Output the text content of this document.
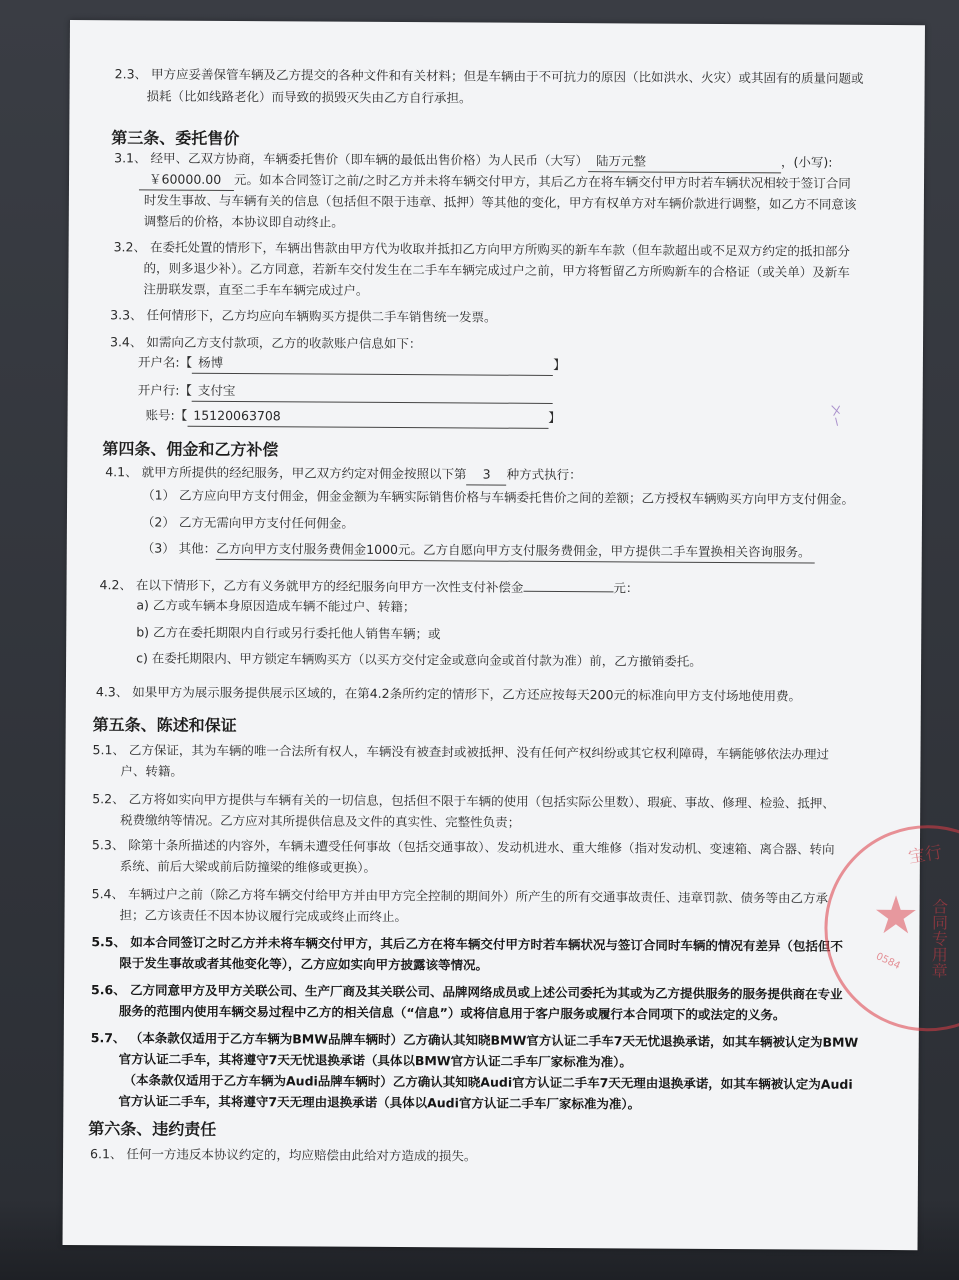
2.3、 甲方应妥善保管车辆及乙方提交的各种文件和有关材料；但是车辆由于不可抗力的原因（比如洪水、火灾）或其固有的质量问题或
损耗（比如线路老化）而导致的损毁灭失由乙方自行承担。
第三条、委托售价
3.1、 经甲、乙双方协商，车辆委托售价（即车辆的最低出售价格）为人民币（大写） 陆万元整	，(小写):
￥60000.00 元。如本合同签订之前/之时乙方并未将车辆交付甲方，其后乙方在将车辆交付甲方时若车辆状况相较于签订合同
时发生事故、与车辆有关的信息（包括但不限于违章、抵押）等其他的变化，甲方有权单方对车辆价款进行调整，如乙方不同意该
调整后的价格，本协议即自动终止。
3.2、 在委托处置的情形下，车辆出售款由甲方代为收取并抵扣乙方向甲方所购买的新车车款（但车款超出或不足双方约定的抵扣部分
的，则多退少补）。乙方同意，若新车交付发生在二手车车辆完成过户之前，甲方将暂留乙方所购新车的合格证（或关单）及新车
注册联发票，直至二手车车辆完成过户。
3.3、 任何情形下，乙方均应向车辆购买方提供二手车销售统一发票。
3.4、 如需向乙方支付款项，乙方的收款账户信息如下：
开户名:【 杨博	】
开户行:【 支付宝
账号:【 15120063708	】
第四条、佣金和乙方补偿
4.1、 就甲方所提供的经纪服务，甲乙双方约定对佣金按照以下第 3 种方式执行：
（1） 乙方应向甲方支付佣金，佣金金额为车辆实际销售价格与车辆委托售价之间的差额；乙方授权车辆购买方向甲方支付佣金。
（2） 乙方无需向甲方支付任何佣金。
（3） 其他：乙方向甲方支付服务费佣金1000元。乙方自愿向甲方支付服务费佣金，甲方提供二手车置换相关咨询服务。
4.2、 在以下情形下，乙方有义务就甲方的经纪服务向甲方一次性支付补偿金	元：
a) 乙方或车辆本身原因造成车辆不能过户、转籍；
b) 乙方在委托期限内自行或另行委托他人销售车辆；或
c) 在委托期限内、甲方锁定车辆购买方（以买方交付定金或意向金或首付款为准）前，乙方撤销委托。
4.3、 如果甲方为展示服务提供展示区域的，在第4.2条所约定的情形下，乙方还应按每天200元的标准向甲方支付场地使用费。
第五条、陈述和保证
5.1、 乙方保证，其为车辆的唯一合法所有权人，车辆没有被查封或被抵押、没有任何产权纠纷或其它权利障碍，车辆能够依法办理过
户、转籍。
5.2、 乙方将如实向甲方提供与车辆有关的一切信息，包括但不限于车辆的使用（包括实际公里数）、瑕疵、事故、修理、检验、抵押、
税费缴纳等情况。乙方应对其所提供信息及文件的真实性、完整性负责；
5.3、 除第十条所描述的内容外，车辆未遭受任何事故（包括交通事故）、发动机进水、重大维修（指对发动机、变速箱、离合器、转向
系统、前后大梁或前后防撞梁的维修或更换）。
5.4、 车辆过户之前（除乙方将车辆交付给甲方并由甲方完全控制的期间外）所产生的所有交通事故责任、违章罚款、债务等由乙方承
担；乙方该责任不因本协议履行完成或终止而终止。
5.5、 如本合同签订之时乙方并未将车辆交付甲方，其后乙方在将车辆交付甲方时若车辆状况与签订合同时车辆的情况有差异（包括但不
限于发生事故或者其他变化等），乙方应如实向甲方披露该等情况。
5.6、 乙方同意甲方及甲方关联公司、生产厂商及其关联公司、品牌网络成员或上述公司委托为其或为乙方提供服务的服务提供商在专业
服务的范围内使用车辆交易过程中乙方的相关信息（“信息”）或将信息用于客户服务或履行本合同项下的或法定的义务。
5.7、 （本条款仅适用于乙方车辆为BMW品牌车辆时）乙方确认其知晓BMW官方认证二手车7天无忧退换承诺，如其车辆被认定为BMW
官方认证二手车，其将遵守7天无忧退换承诺（具体以BMW官方认证二手车厂家标准为准）。
（本条款仅适用于乙方车辆为Audi品牌车辆时）乙方确认其知晓Audi官方认证二手车7天无理由退换承诺，如其车辆被认定为Audi
官方认证二手车，其将遵守7天无理由退换承诺（具体以Audi官方认证二手车厂家标准为准）。
第六条、违约责任
6.1、 任何一方违反本协议约定的，均应赔偿由此给对方造成的损失。
宝行
★ 合同专用章
0584
